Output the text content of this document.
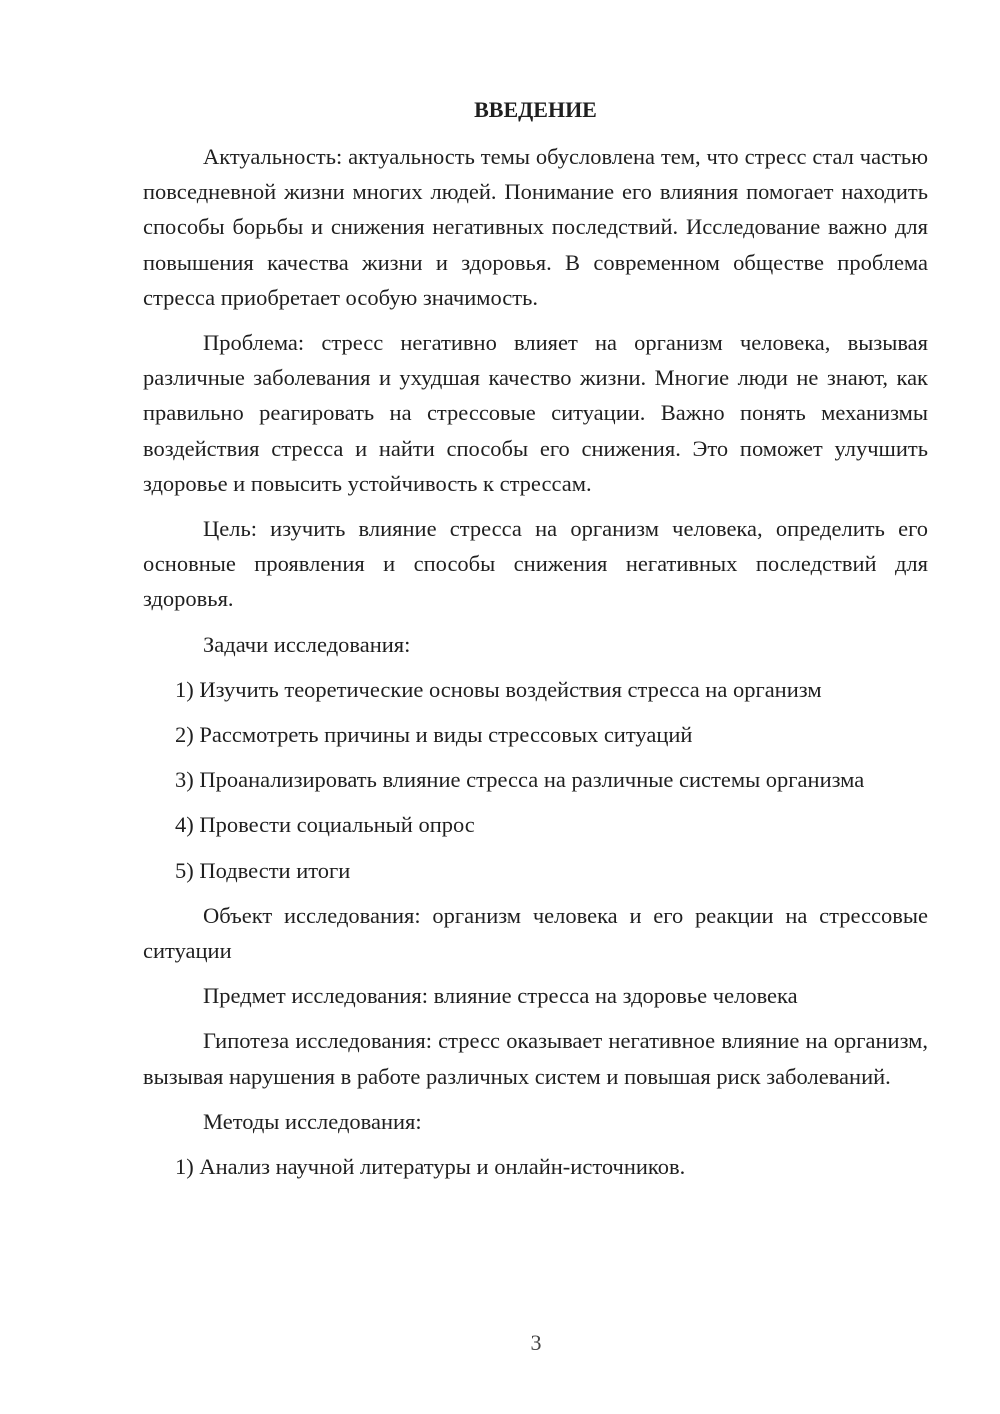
ВВЕДЕНИЕ
Актуальность: актуальность темы обусловлена тем, что стресс стал частью повседневной жизни многих людей. Понимание его влияния помогает находить способы борьбы и снижения негативных последствий. Исследование важно для повышения качества жизни и здоровья. В современном обществе проблема стресса приобретает особую значимость.
Проблема: стресс негативно влияет на организм человека, вызывая различные заболевания и ухудшая качество жизни. Многие люди не знают, как правильно реагировать на стрессовые ситуации. Важно понять механизмы воздействия стресса и найти способы его снижения. Это поможет улучшить здоровье и повысить устойчивость к стрессам.
Цель: изучить влияние стресса на организм человека, определить его основные проявления и способы снижения негативных последствий для здоровья.
Задачи исследования:
1) Изучить теоретические основы воздействия стресса на организм
2) Рассмотреть причины и виды стрессовых ситуаций
3) Проанализировать влияние стресса на различные системы организма
4) Провести социальный опрос
5) Подвести итоги
Объект исследования: организм человека и его реакции на стрессовые ситуации
Предмет исследования: влияние стресса на здоровье человека
Гипотеза исследования: стресс оказывает негативное влияние на организм, вызывая нарушения в работе различных систем и повышая риск заболеваний.
Методы исследования:
1) Анализ научной литературы и онлайн-источников.
3
